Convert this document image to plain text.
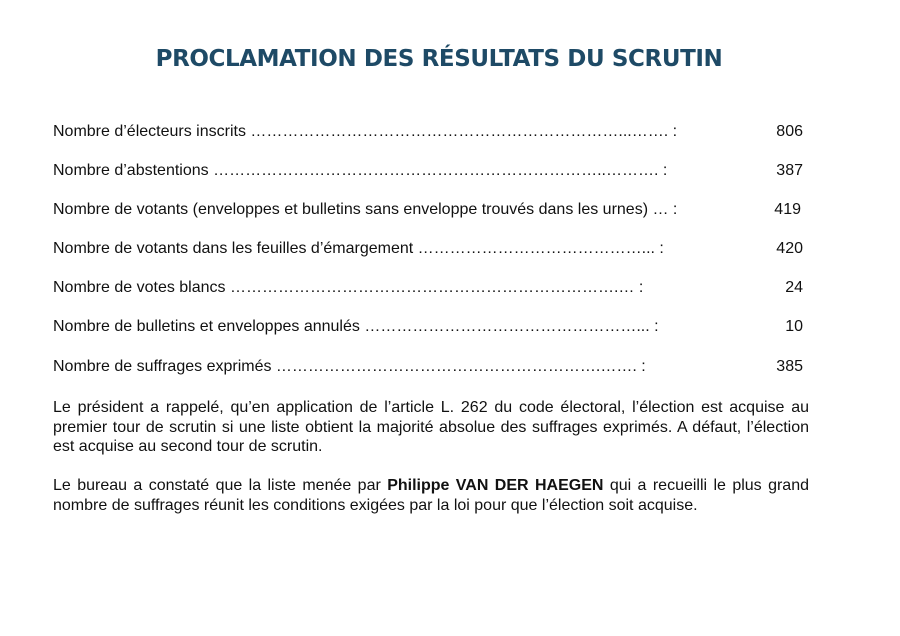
PROCLAMATION DES RÉSULTATS DU SCRUTIN
Nombre d’électeurs inscrits ……………………………………………………………...……. :	806
Nombre d’abstentions ………………………………………………………………..………. :	387
Nombre de votants (enveloppes et bulletins sans enveloppe trouvés dans les urnes) … :	419
Nombre de votants dans les feuilles d’émargement ……………………………………... :	420
Nombre de votes blancs ……………………………………………………………….… :	24
Nombre de bulletins et enveloppes annulés ……………………………………………... :	10
Nombre de suffrages exprimés …………………………………………………….……. :	385
Le président a rappelé, qu’en application de l’article L. 262 du code électoral, l’élection est acquise au premier tour de scrutin si une liste obtient la majorité absolue des suffrages exprimés. A défaut, l’élection est acquise au second tour de scrutin.
Le bureau a constaté que la liste menée par Philippe VAN DER HAEGEN qui a recueilli le plus grand nombre de suffrages réunit les conditions exigées par la loi pour que l’élection soit acquise.
